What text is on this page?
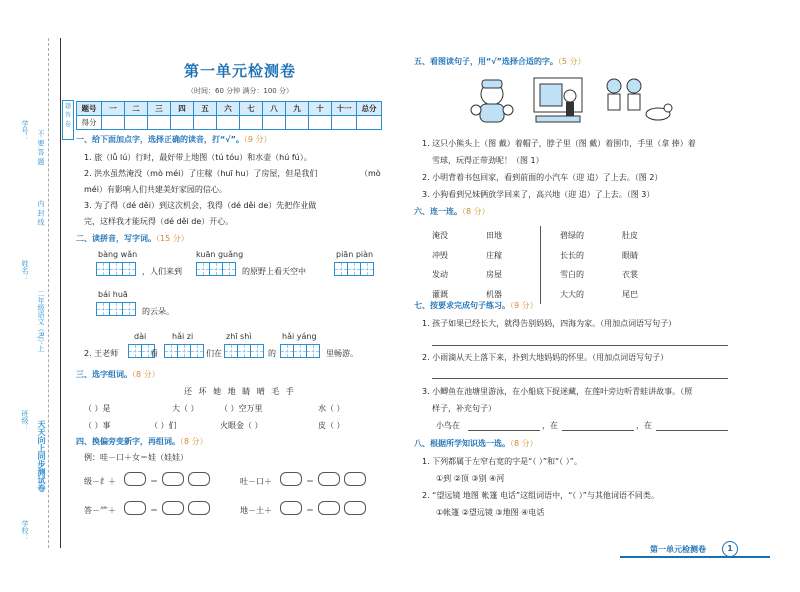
学号：
姓名：
班级：
学校：
不 要 答 题
内 封 线
二年级语文（RJ）·上
天天向上同步测试卷
题
答
卷
第一单元检测卷
（时间：60 分钟 满分：100 分）
题号	一	二	三	四	五	六	七	八	九	十	十一	总分
得分												
一、给下面加点字，选择正确的读音，打“√”。（9 分）
1. 旅（lǚ lú）行时，最好带上地图（tú tóu）和水壶（hú fú）。
2. 洪水虽然淹没（mò méi）了庄稼（huī hu）了房屋，但是我们	（mò
méi）有影响人们共建美好家园的信心。
3. 为了得（dé děi）到这次机会，我得（dé děi de）先把作业做
完，这样我才能玩得（dé děi de）开心。
二、读拼音，写字词。（15 分）
bàng wǎn	kuān guǎng	piān piàn
，人们来到	的原野上看天空中
bái huā
的云朵。
dài	hǎi zi	zhī shì	hǎi yáng
2. 王老师	看	们在	的	里畅游。
三、选字组词。（8 分）
还 坏 她 地 睛 晴 毛 手
（ ）是	大（ ）	（ ）空万里	水（ ）
（ ）事	（ ）们	火眼金（ ）	皮（ ）
四、换偏旁变新字，再组词。（8 分）
例：哇－口＋女＝娃（娃娃）
级－纟＋	＝	吐－口＋	＝
答－⺮＋	＝	地－土＋	＝
五、看图读句子，用“√”选择合适的字。（5 分）
1. 这只小熊头上（图 戴）着帽子，脖子里（图 戴）着围巾，手里（拿 捧）着
雪球，玩得正带劲呢！（图 1）
2. 小明背着书包回家，看到前面的小汽车（迎 追）了上去。（图 2）
3. 小狗看到兄妹俩放学回来了，高兴地（迎 追）了上去。（图 3）
六、连一连。（8 分）
淹没
冲毁
发动
灌溉
田地
庄稼
房屋
机器
碧绿的
长长的
雪白的
大大的
肚皮
眼睛
衣裳
尾巴
七、按要求完成句子练习。（9 分）
1. 孩子如果已经长大，就得告别妈妈，四海为家。（用加点词语写句子）
2. 小雨滴从天上落下来，扑到大地妈妈的怀里。（用加点词语写句子）
3. 小鲫鱼在池塘里游泳，在小船底下捉迷藏，在莲叶旁边听青蛙讲故事。（照
样子，补充句子）
小鸟在	，在	，在
八、根据所学知识选一选。（8 分）
1. 下列都属于左窄右宽的字是“（ ）”和“（ ）”。
①到 ②顶 ③别 ④河
2. “望远镜 地图 帐篷 电话”这组词语中，“（ ）”与其他词语不同类。
①帐篷 ②望远镜 ③地图 ④电话
第一单元检测卷	1
